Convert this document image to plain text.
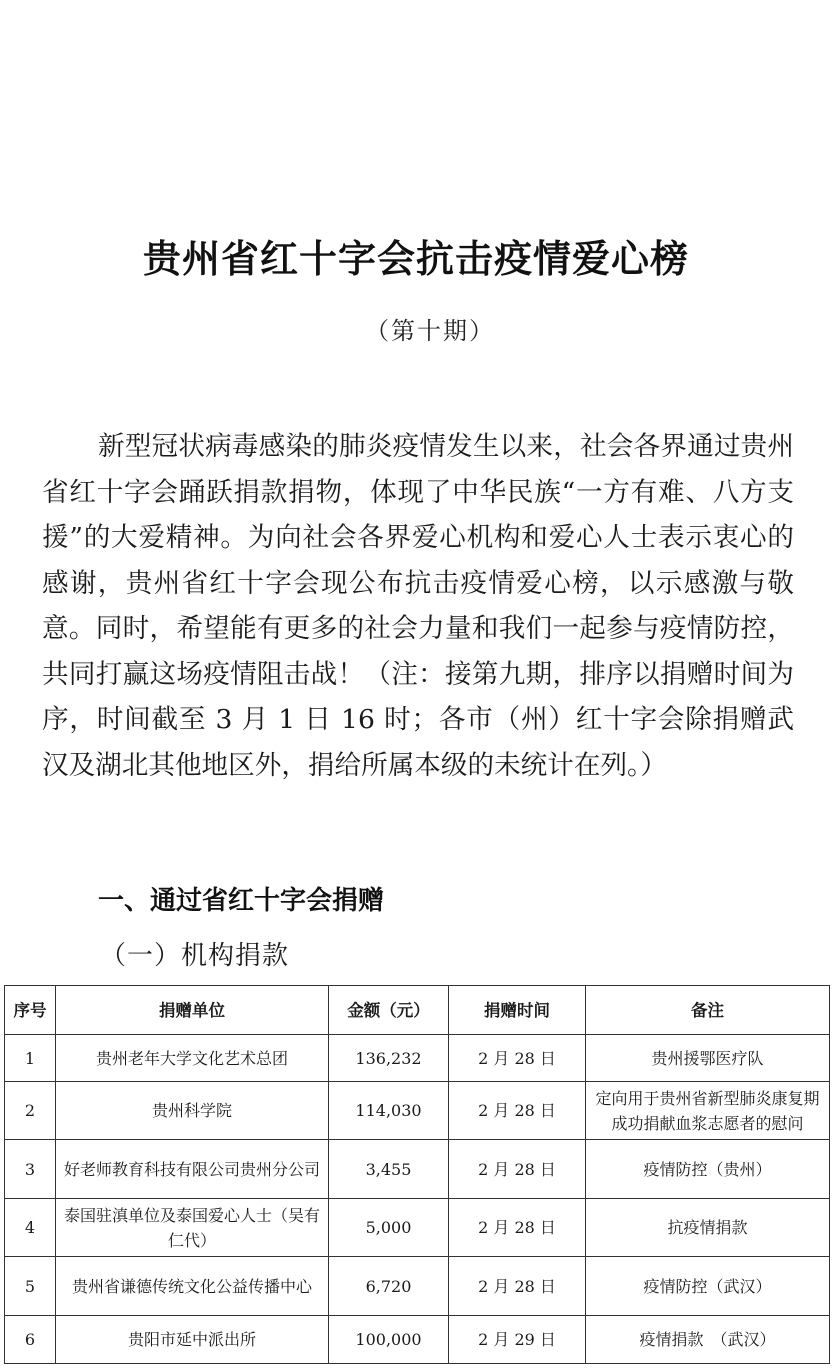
贵州省红十字会抗击疫情爱心榜
（第十期）

新型冠状病毒感染的肺炎疫情发生以来，社会各界通过贵州省红十字会踊跃捐款捐物，体现了中华民族“一方有难、八方支援”的大爱精神。为向社会各界爱心机构和爱心人士表示衷心的感谢，贵州省红十字会现公布抗击疫情爱心榜，以示感激与敬意。同时，希望能有更多的社会力量和我们一起参与疫情防控，共同打赢这场疫情阻击战！（注：接第九期，排序以捐赠时间为序，时间截至 3 月 1 日 16 时；各市（州）红十字会除捐赠武汉及湖北其他地区外，捐给所属本级的未统计在列。）

一、通过省红十字会捐赠
（一）机构捐款
序号	捐赠单位	金额（元）	捐赠时间	备注
1	贵州老年大学文化艺术总团	136,232	2 月 28 日	贵州援鄂医疗队
2	贵州科学院	114,030	2 月 28 日	定向用于贵州省新型肺炎康复期成功捐献血浆志愿者的慰问
3	好老师教育科技有限公司贵州分公司	3,455	2 月 28 日	疫情防控（贵州）
4	泰国驻滇单位及泰国爱心人士（吴有仁代）	5,000	2 月 28 日	抗疫情捐款
5	贵州省谦德传统文化公益传播中心	6,720	2 月 28 日	疫情防控（武汉）
6	贵阳市延中派出所	100,000	2 月 29 日	疫情捐款　（武汉）
